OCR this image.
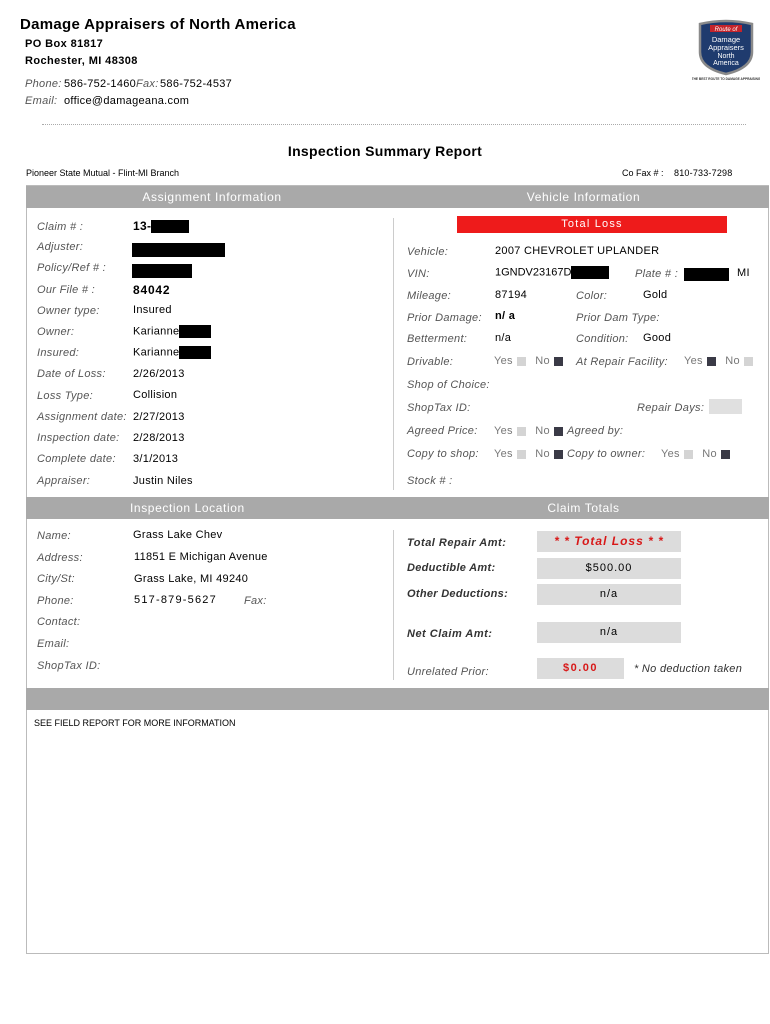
Damage Appraisers of North America
PO Box 81817
Rochester, MI 48308
Phone: 586-752-1460 Fax: 586-752-4537
Email: office@damageana.com
Route of
Damage
Appraisers
North
America
THE BEST ROUTE TO DAMAGE APPRAISING
Inspection Summary Report
Pioneer State Mutual - Flint-MI Branch	Co Fax # : 810-733-7298
Assignment Information	Vehicle Information
Claim # :	13-
Adjuster:
Policy/Ref # :
Our File # :	84042
Owner type:	Insured
Owner:	Karianne
Insured:	Karianne
Date of Loss: 2/26/2013
Loss Type:	Collision
Assignment date: 2/27/2013
Inspection date: 2/28/2013
Complete date: 3/1/2013
Appraiser:	Justin Niles
Total Loss
Vehicle:	2007 CHEVROLET UPLANDER
VIN:	1GNDV23167D	Plate # :	MI
Mileage:	87194	Color:	Gold
Prior Damage: n/ a	Prior Dam Type:
Betterment:	n/a	Condition: Good
Drivable:	Yes No	At Repair Facility: Yes No
Shop of Choice:
ShopTax ID:	Repair Days:
Agreed Price: Yes No	Agreed by:
Copy to shop: Yes No	Copy to owner: Yes No
Stock # :
Inspection Location	Claim Totals
Name:	Grass Lake Chev
Address:	11851 E Michigan Avenue
City/St:	Grass Lake, MI 49240
Phone:	517-879-5627 Fax:
Contact:
Email:
ShopTax ID:
Total Repair Amt:	* * Total Loss * *
Deductible Amt:	$500.00
Other Deductions:	n/a
Net Claim Amt:	n/a
Unrelated Prior:	$0.00	* No deduction taken
SEE FIELD REPORT FOR MORE INFORMATION
